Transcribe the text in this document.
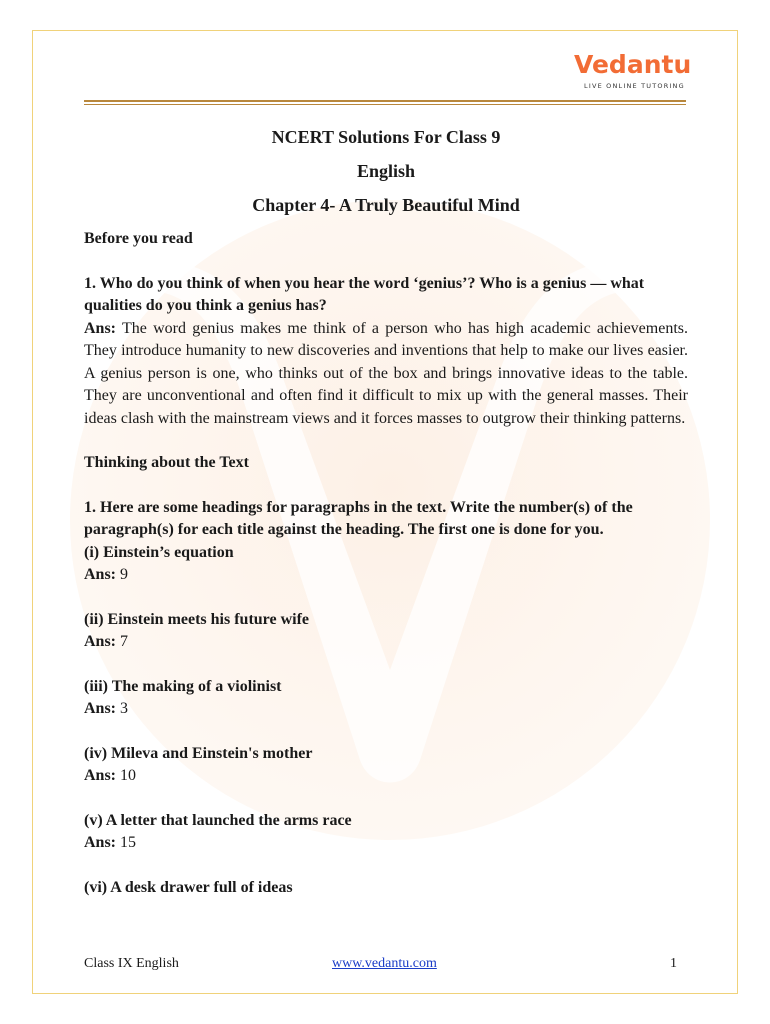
Vedantu
LIVE ONLINE TUTORING
NCERT Solutions For Class 9
English
Chapter 4- A Truly Beautiful Mind

Before you read

1. Who do you think of when you hear the word ‘genius’? Who is a genius — what qualities do you think a genius has?

Ans: The word genius makes me think of a person who has high academic achievements. They introduce humanity to new discoveries and inventions that help to make our lives easier. A genius person is one, who thinks out of the box and brings innovative ideas to the table. They are unconventional and often find it difficult to mix up with the general masses. Their ideas clash with the mainstream views and it forces masses to outgrow their thinking patterns.

Thinking about the Text

1. Here are some headings for paragraphs in the text. Write the number(s) of the paragraph(s) for each title against the heading. The first one is done for you.

(i) Einstein’s equation

Ans: 9

(ii) Einstein meets his future wife

Ans: 7

(iii) The making of a violinist

Ans: 3

(iv) Mileva and Einstein's mother

Ans: 10

(v) A letter that launched the arms race

Ans: 15

(vi) A desk drawer full of ideas

Class IX English	www.vedantu.com	1
